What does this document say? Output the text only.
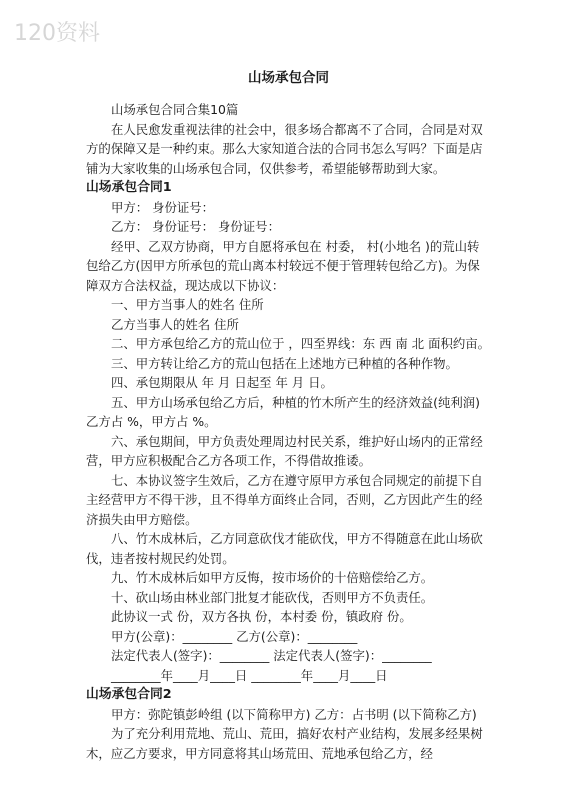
120资料
山场承包合同

山场承包合同合集10篇

在人民愈发重视法律的社会中，很多场合都离不了合同，合同是对双方的保障又是一种约束。那么大家知道合法的合同书怎么写吗？下面是店铺为大家收集的山场承包合同，仅供参考，希望能够帮助到大家。

山场承包合同1

甲方： 身份证号：

乙方： 身份证号： 身份证号：

经甲、乙双方协商，甲方自愿将承包在 村委， 村(小地名 )的荒山转包给乙方(因甲方所承包的荒山离本村较远不便于管理转包给乙方)。为保障双方合法权益，现达成以下协议：

一、甲方当事人的姓名 住所

乙方当事人的姓名 住所

二、甲方承包给乙方的荒山位于 ，四至界线：东 西 南 北 面积约亩。

三、甲方转让给乙方的荒山包括在上述地方已种植的各种作物。

四、承包期限从 年 月 日起至 年 月 日。

五、甲方山场承包给乙方后，种植的竹木所产生的经济效益(纯利润)乙方占 %，甲方占 %。

六、承包期间，甲方负责处理周边村民关系，维护好山场内的正常经营，甲方应积极配合乙方各项工作，不得借故推诿。

七、本协议签字生效后，乙方在遵守原甲方承包合同规定的前提下自主经营甲方不得干涉，且不得单方面终止合同，否则，乙方因此产生的经济损失由甲方赔偿。

八、竹木成林后，乙方同意砍伐才能砍伐，甲方不得随意在此山场砍伐，违者按村规民约处罚。

九、竹木成林后如甲方反悔，按市场价的十倍赔偿给乙方。

十、砍山场由林业部门批复才能砍伐，否则甲方不负责任。

此协议一式 份，双方各执 份，本村委 份，镇政府 份。

甲方(公章)：________ 乙方(公章)：________

法定代表人(签字)：________ 法定代表人(签字)：________

________年____月____日 ________年____月____日

山场承包合同2

甲方：弥陀镇彭岭组 (以下简称甲方) 乙方：占书明 (以下简称乙方)

为了充分利用荒地、荒山、荒田，搞好农村产业结构，发展多经果树木，应乙方要求，甲方同意将其山场荒田、荒地承包给乙方，经
